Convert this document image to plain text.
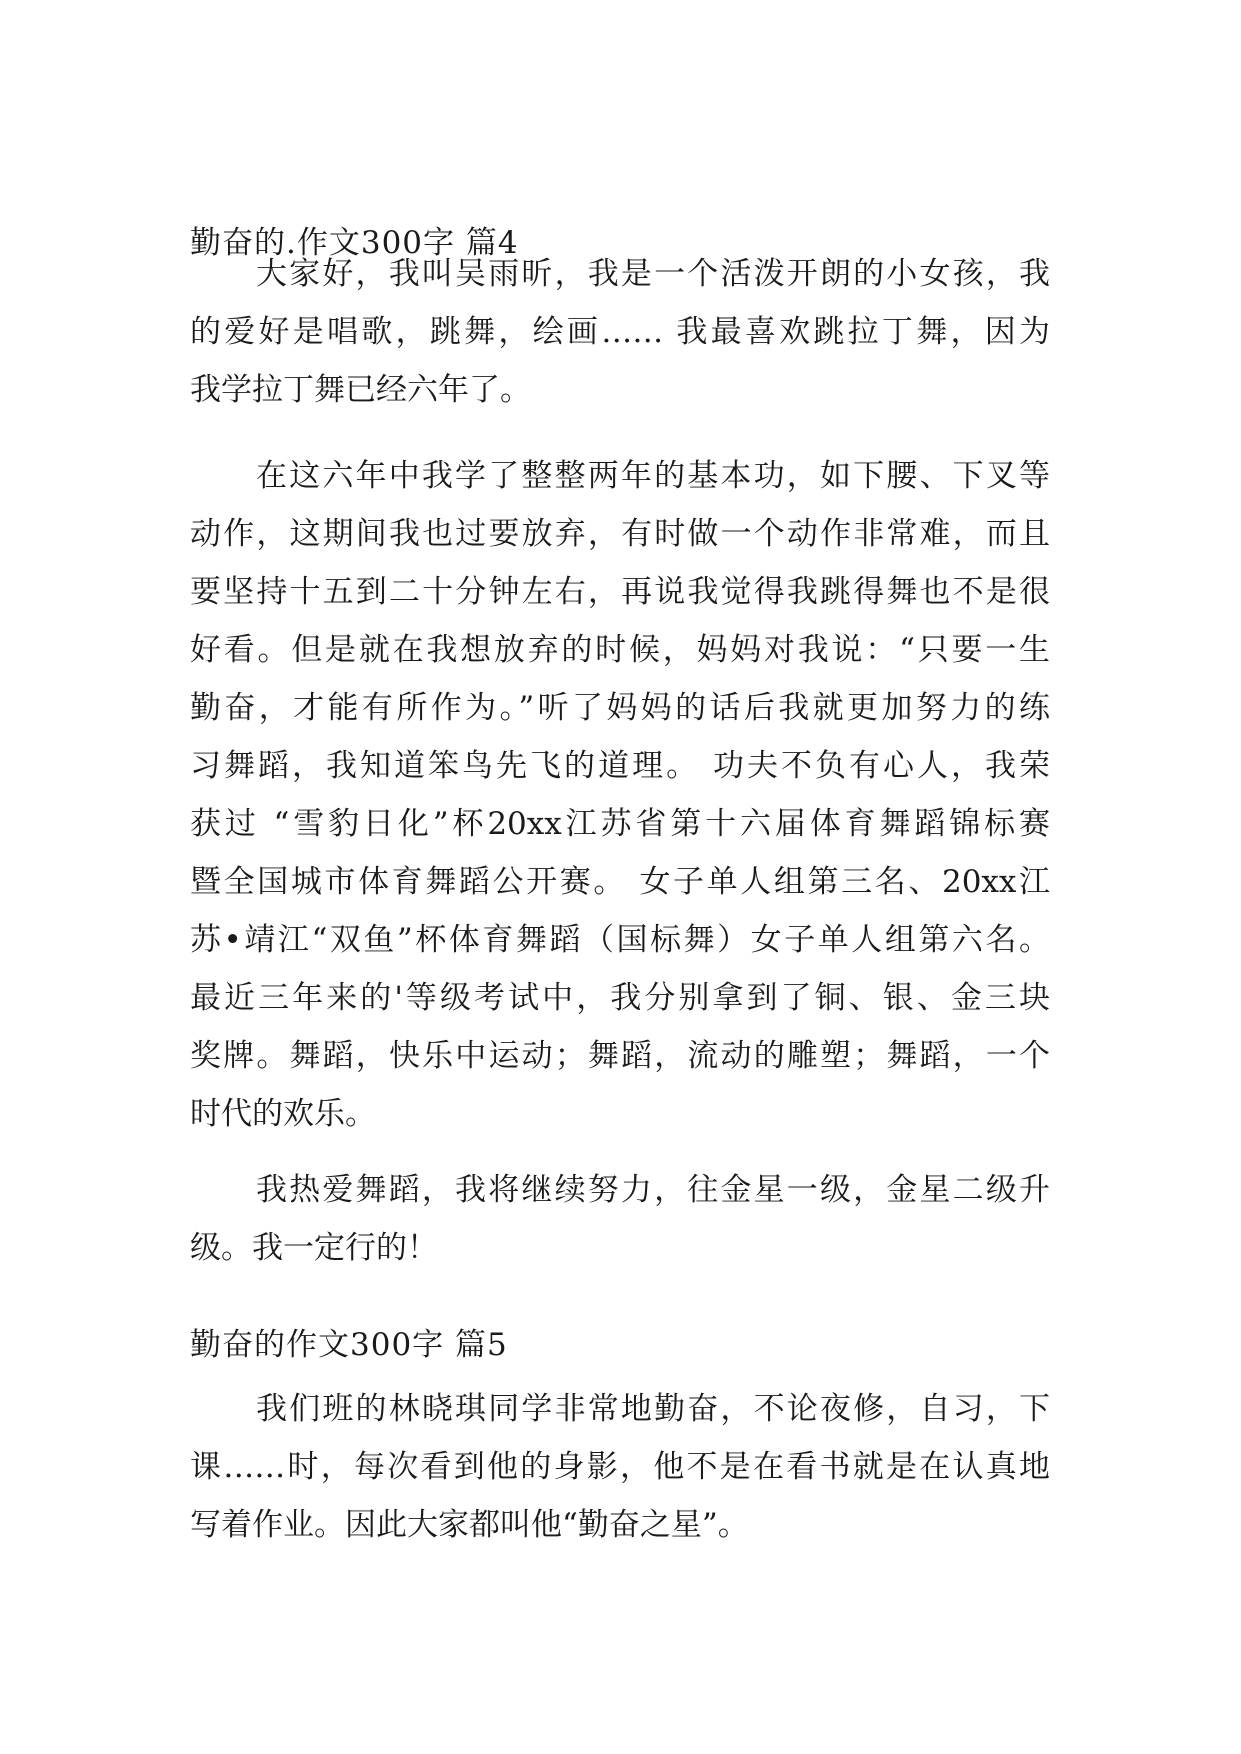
勤奋的.作文300字 篇4
大家好，我叫吴雨昕，我是一个活泼开朗的小女孩，我
的爱好是唱歌，跳舞，绘画…… 我最喜欢跳拉丁舞，因为
我学拉丁舞已经六年了。
在这六年中我学了整整两年的基本功，如下腰、下叉等
动作，这期间我也过要放弃，有时做一个动作非常难，而且
要坚持十五到二十分钟左右，再说我觉得我跳得舞也不是很
好看。但是就在我想放弃的时候，妈妈对我说：“只要一生
勤奋，才能有所作为。”听了妈妈的话后我就更加努力的练
习舞蹈，我知道笨鸟先飞的道理。 功夫不负有心人，我荣
获过 “雪豹日化”杯20xx江苏省第十六届体育舞蹈锦标赛
暨全国城市体育舞蹈公开赛。 女子单人组第三名、20xx江
苏•靖江“双鱼”杯体育舞蹈（国标舞）女子单人组第六名。
最近三年来的'等级考试中，我分别拿到了铜、银、金三块
奖牌。舞蹈，快乐中运动；舞蹈，流动的雕塑；舞蹈，一个
时代的欢乐。
我热爱舞蹈，我将继续努力，往金星一级，金星二级升
级。我一定行的！
勤奋的作文300字 篇5
我们班的林晓琪同学非常地勤奋，不论夜修，自习，下
课……时，每次看到他的身影，他不是在看书就是在认真地
写着作业。因此大家都叫他“勤奋之星”。
